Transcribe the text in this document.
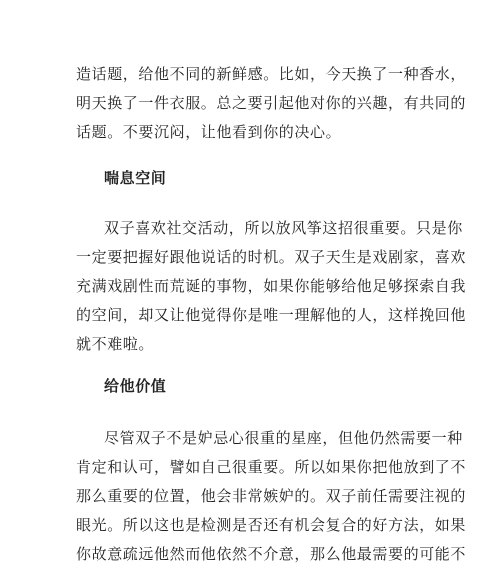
造话题，给他不同的新鲜感。比如，今天换了一种香水，
明天换了一件衣服。总之要引起他对你的兴趣，有共同的
话题。不要沉闷，让他看到你的决心。

喘息空间

双子喜欢社交活动，所以放风筝这招很重要。只是你
一定要把握好跟他说话的时机。双子天生是戏剧家，喜欢
充满戏剧性而荒诞的事物，如果你能够给他足够探索自我
的空间，却又让他觉得你是唯一理解他的人，这样挽回他
就不难啦。

给他价值

尽管双子不是妒忌心很重的星座，但他仍然需要一种
肯定和认可，譬如自己很重要。所以如果你把他放到了不
那么重要的位置，他会非常嫉妒的。双子前任需要注视的
眼光。所以这也是检测是否还有机会复合的好方法，如果
你故意疏远他然而他依然不介意，那么他最需要的可能不
